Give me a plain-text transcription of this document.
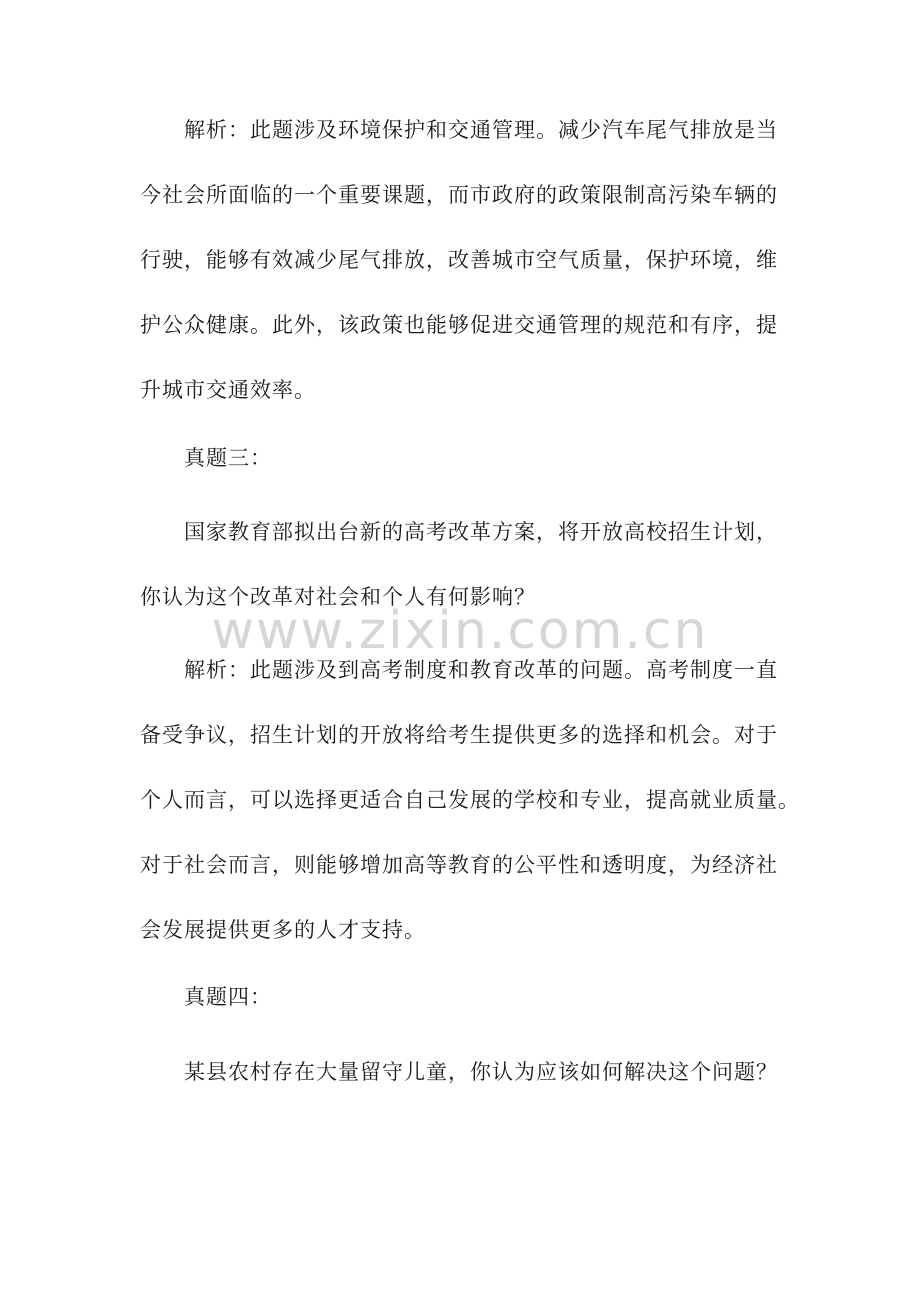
www.zixin.com.cn
解析：此题涉及环境保护和交通管理。减少汽车尾气排放是当
今社会所面临的一个重要课题，而市政府的政策限制高污染车辆的
行驶，能够有效减少尾气排放，改善城市空气质量，保护环境，维
护公众健康。此外，该政策也能够促进交通管理的规范和有序，提
升城市交通效率。
真题三：
国家教育部拟出台新的高考改革方案，将开放高校招生计划，
你认为这个改革对社会和个人有何影响？
解析：此题涉及到高考制度和教育改革的问题。高考制度一直
备受争议，招生计划的开放将给考生提供更多的选择和机会。对于
个人而言，可以选择更适合自己发展的学校和专业，提高就业质量。
对于社会而言，则能够增加高等教育的公平性和透明度，为经济社
会发展提供更多的人才支持。
真题四：
某县农村存在大量留守儿童，你认为应该如何解决这个问题？
